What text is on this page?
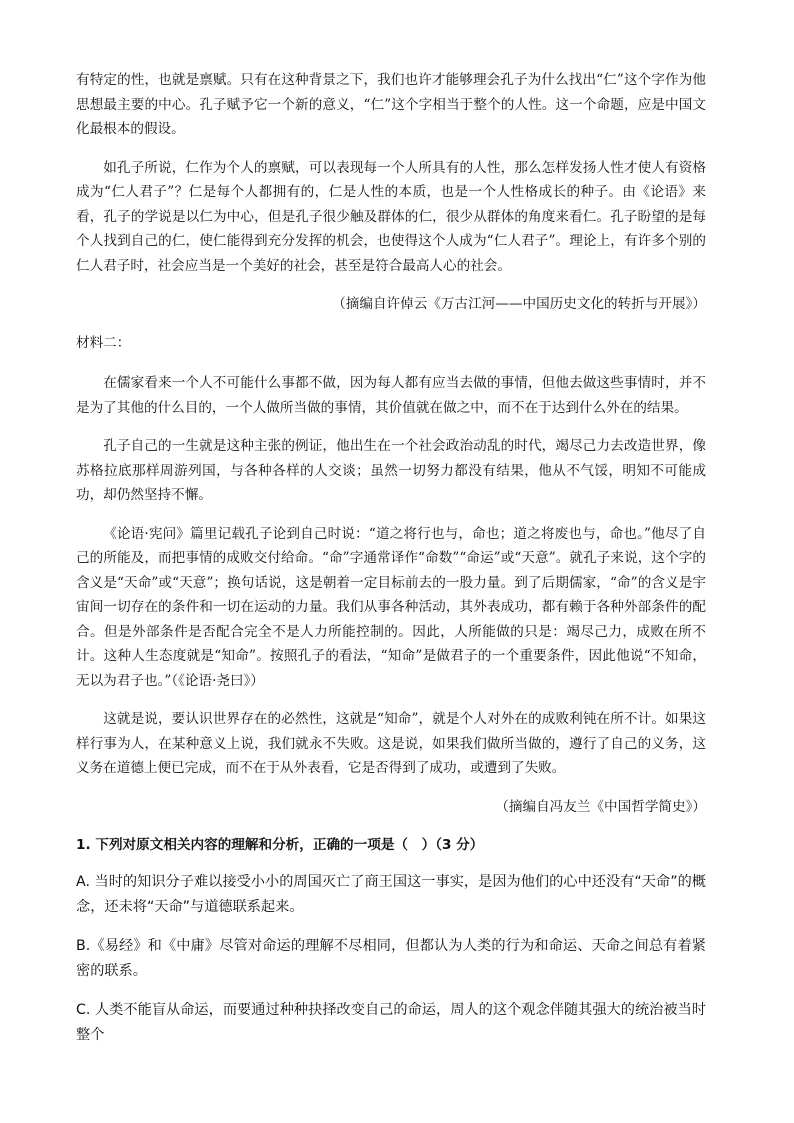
有特定的性，也就是禀赋。只有在这种背景之下，我们也许才能够理会孔子为什么找出“仁”这个字作为他思想最主要的中心。孔子赋予它一个新的意义，“仁”这个字相当于整个的人性。这一个命题，应是中国文化最根本的假设。

如孔子所说，仁作为个人的禀赋，可以表现每一个人所具有的人性，那么怎样发扬人性才使人有资格成为“仁人君子”？仁是每个人都拥有的，仁是人性的本质，也是一个人性格成长的种子。由《论语》来看，孔子的学说是以仁为中心，但是孔子很少触及群体的仁，很少从群体的角度来看仁。孔子盼望的是每个人找到自己的仁，使仁能得到充分发挥的机会，也使得这个人成为“仁人君子”。理论上，有许多个别的仁人君子时，社会应当是一个美好的社会，甚至是符合最高人心的社会。

（摘编自许倬云《万古江河——中国历史文化的转折与开展》）

材料二：

在儒家看来一个人不可能什么事都不做，因为每人都有应当去做的事情，但他去做这些事情时，并不是为了其他的什么目的，一个人做所当做的事情，其价值就在做之中，而不在于达到什么外在的结果。

孔子自己的一生就是这种主张的例证，他出生在一个社会政治动乱的时代，竭尽己力去改造世界，像苏格拉底那样周游列国，与各种各样的人交谈；虽然一切努力都没有结果，他从不气馁，明知不可能成功，却仍然坚持不懈。

《论语·宪问》篇里记载孔子论到自己时说：“道之将行也与，命也；道之将废也与，命也。”他尽了自己的所能及，而把事情的成败交付给命。“命”字通常译作“命数”“命运”或“天意”。就孔子来说，这个字的含义是“天命”或“天意”；换句话说，这是朝着一定目标前去的一股力量。到了后期儒家，“命”的含义是宇宙间一切存在的条件和一切在运动的力量。我们从事各种活动，其外表成功，都有赖于各种外部条件的配合。但是外部条件是否配合完全不是人力所能控制的。因此，人所能做的只是：竭尽己力，成败在所不计。这种人生态度就是“知命”。按照孔子的看法，“知命”是做君子的一个重要条件，因此他说“不知命，无以为君子也。”（《论语·尧曰》）

这就是说，要认识世界存在的必然性，这就是“知命”，就是个人对外在的成败利钝在所不计。如果这样行事为人，在某种意义上说，我们就永不失败。这是说，如果我们做所当做的，遵行了自己的义务，这义务在道德上便已完成，而不在于从外表看，它是否得到了成功，或遭到了失败。

（摘编自冯友兰《中国哲学简史》）

1. 下列对原文相关内容的理解和分析，正确的一项是（　）（3 分）

A. 当时的知识分子难以接受小小的周国灭亡了商王国这一事实，是因为他们的心中还没有“天命”的概念，还未将“天命”与道德联系起来。

B.《易经》和《中庸》尽管对命运的理解不尽相同，但都认为人类的行为和命运、天命之间总有着紧密的联系。

C. 人类不能盲从命运，而要通过种种抉择改变自己的命运，周人的这个观念伴随其强大的统治被当时整个
